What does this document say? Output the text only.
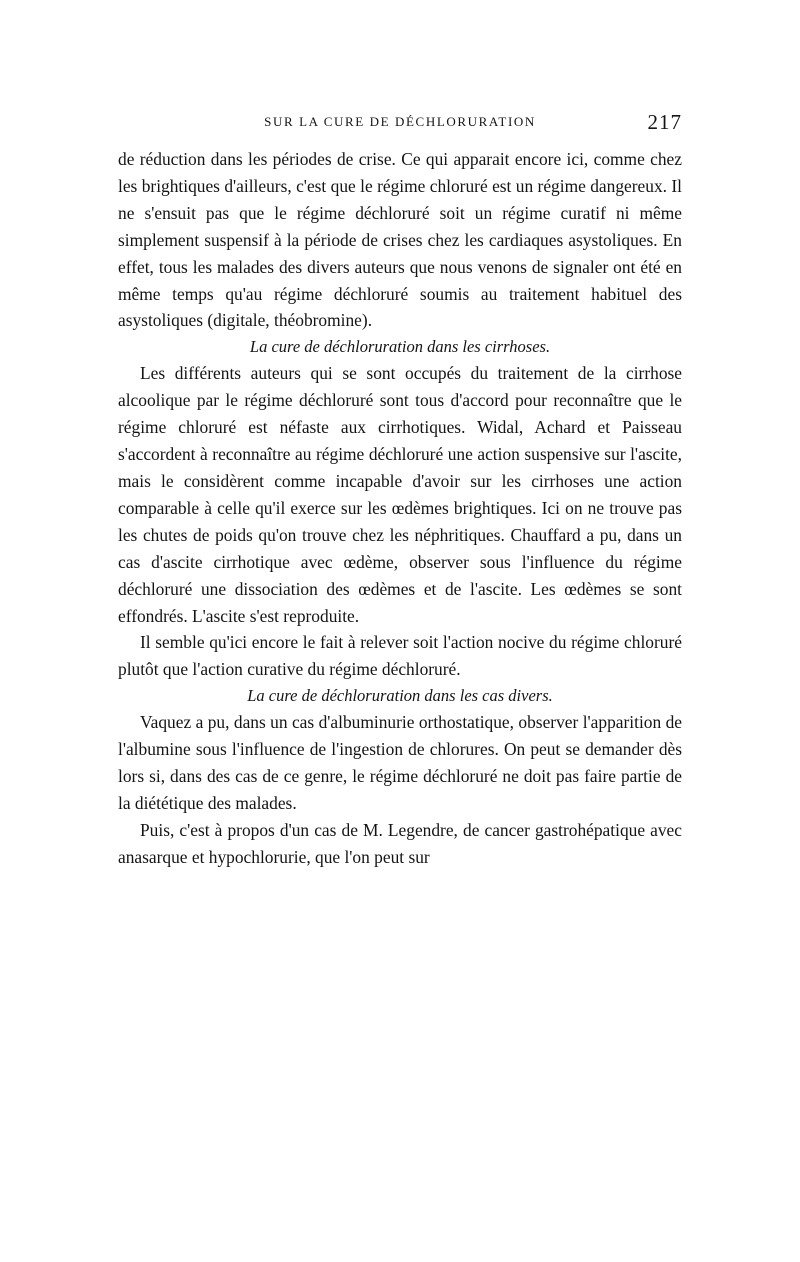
SUR LA CURE DE DÉCHLORURATION	217

de réduction dans les périodes de crise. Ce qui apparait encore ici, comme chez les brightiques d'ailleurs, c'est que le régime chloruré est un régime dangereux. Il ne s'ensuit pas que le régime déchloruré soit un régime curatif ni même simplement suspensif à la période de crises chez les cardiaques asystoliques. En effet, tous les malades des divers auteurs que nous venons de signaler ont été en même temps qu'au régime déchloruré soumis au traitement habituel des asystoliques (digitale, théobromine).

La cure de déchloruration dans les cirrhoses.

Les différents auteurs qui se sont occupés du traitement de la cirrhose alcoolique par le régime déchloruré sont tous d'accord pour reconnaître que le régime chloruré est néfaste aux cirrhotiques. Widal, Achard et Paisseau s'accordent à reconnaître au régime déchloruré une action suspensive sur l'ascite, mais le considèrent comme incapable d'avoir sur les cirrhoses une action comparable à celle qu'il exerce sur les œdèmes brightiques. Ici on ne trouve pas les chutes de poids qu'on trouve chez les néphritiques. Chauffard a pu, dans un cas d'ascite cirrhotique avec œdème, observer sous l'influence du régime déchloruré une dissociation des œdèmes et de l'ascite. Les œdèmes se sont effondrés. L'ascite s'est reproduite.

Il semble qu'ici encore le fait à relever soit l'action nocive du régime chloruré plutôt que l'action curative du régime déchloruré.

La cure de déchloruration dans les cas divers.

Vaquez a pu, dans un cas d'albuminurie orthostatique, observer l'apparition de l'albumine sous l'influence de l'ingestion de chlorures. On peut se demander dès lors si, dans des cas de ce genre, le régime déchloruré ne doit pas faire partie de la diététique des malades.

Puis, c'est à propos d'un cas de M. Legendre, de cancer gastrohépatique avec anasarque et hypochlorurie, que l'on peut sur
